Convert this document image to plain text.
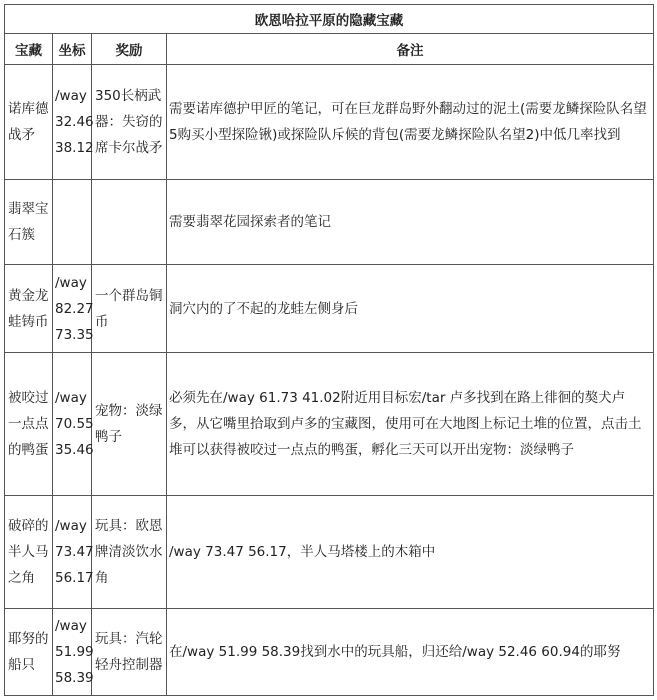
欧恩哈拉平原的隐藏宝藏			
宝藏	坐标	奖励	备注
诺库德战矛	/way
32.46
38.12	350长柄武器：失窃的席卡尔战矛	需要诺库德护甲匠的笔记，可在巨龙群岛野外翻动过的泥土(需要龙鳞探险队名望5购买小型探险锹)或探险队斥候的背包(需要龙鳞探险队名望2)中低几率找到
翡翠宝石簇			需要翡翠花园探索者的笔记
黄金龙蛙铸币	/way
82.27
73.35	一个群岛铜币	洞穴内的了不起的龙蛙左侧身后
被咬过一点点的鸭蛋	/way
70.55
35.46	宠物：淡绿鸭子	必须先在/way 61.73 41.02附近用目标宏/tar 卢多找到在路上徘徊的獒犬卢多，从它嘴里拾取到卢多的宝藏图，使用可在大地图上标记土堆的位置，点击土堆可以获得被咬过一点点的鸭蛋，孵化三天可以开出宠物：淡绿鸭子
破碎的半人马之角	/way
73.47
56.17	玩具：欧恩牌清淡饮水角	/way 73.47 56.17，半人马塔楼上的木箱中
耶努的船只	/way
51.99
58.39	玩具：汽轮轻舟控制器	在/way 51.99 58.39找到水中的玩具船，归还给/way 52.46 60.94的耶努
